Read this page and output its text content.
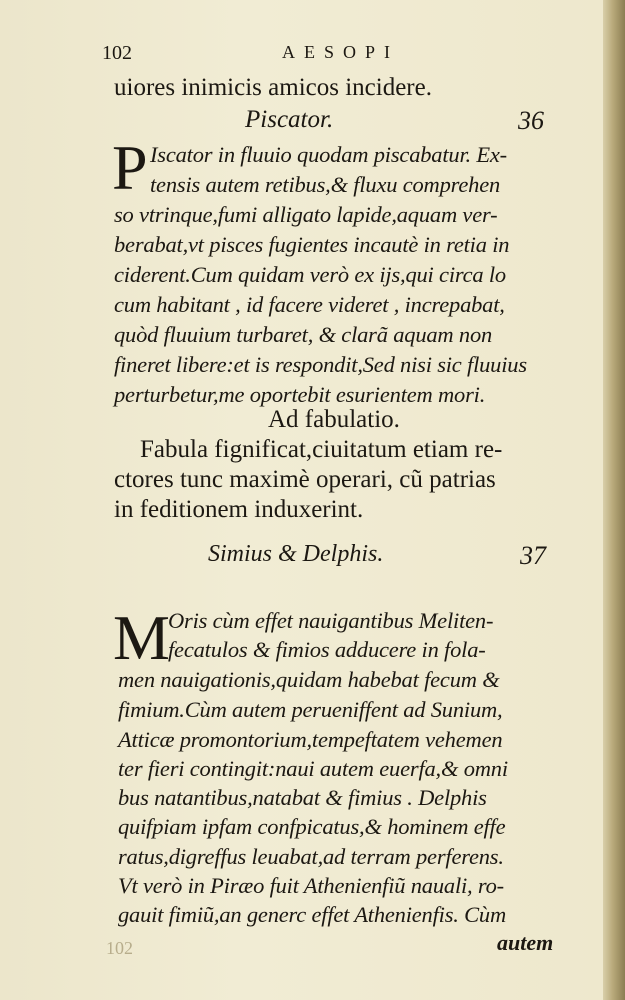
102	AESOPI
uiores inimicis amicos incidere.
Piscator.	36
P Iscator in fluuio quodam piscabatur. Ex-
tensis autem retibus,& fluxu comprehen
so vtrinque,fumi alligato lapide,aquam ver-
berabat,vt pisces fugientes incautè in retia in
ciderent.Cum quidam verò ex ijs,qui circa lo
cum habitant , id facere videret , increpabat,
quòd fluuium turbaret, & clarã aquam non
fineret libere:et is respondit,Sed nisi sic fluuius
perturbetur,me oportebit esurientem mori.
Ad fabulatio.
Fabula fignificat,ciuitatum etiam re-
ctores tunc maximè operari, cũ patrias
in feditionem induxerint.
Simius & Delphis.	37
M
Oris cùm effet nauigantibus Meliten-
fecatulos & fimios adducere in fola-
men nauigationis,quidam habebat fecum &
fimium.Cùm autem perueniffent ad Sunium,
Atticæ promontorium,tempeftatem vehemen
ter fieri contingit:naui autem euerfa,& omni
bus natantibus,natabat & fimius . Delphis
quifpiam ipfam confpicatus,& hominem effe
ratus,digreffus leuabat,ad terram perferens.
Vt verò in Piræo fuit Athenienfiũ nauali, ro-
gauit fimiũ,an generc effet Athenienfis. Cùm
autem
102
